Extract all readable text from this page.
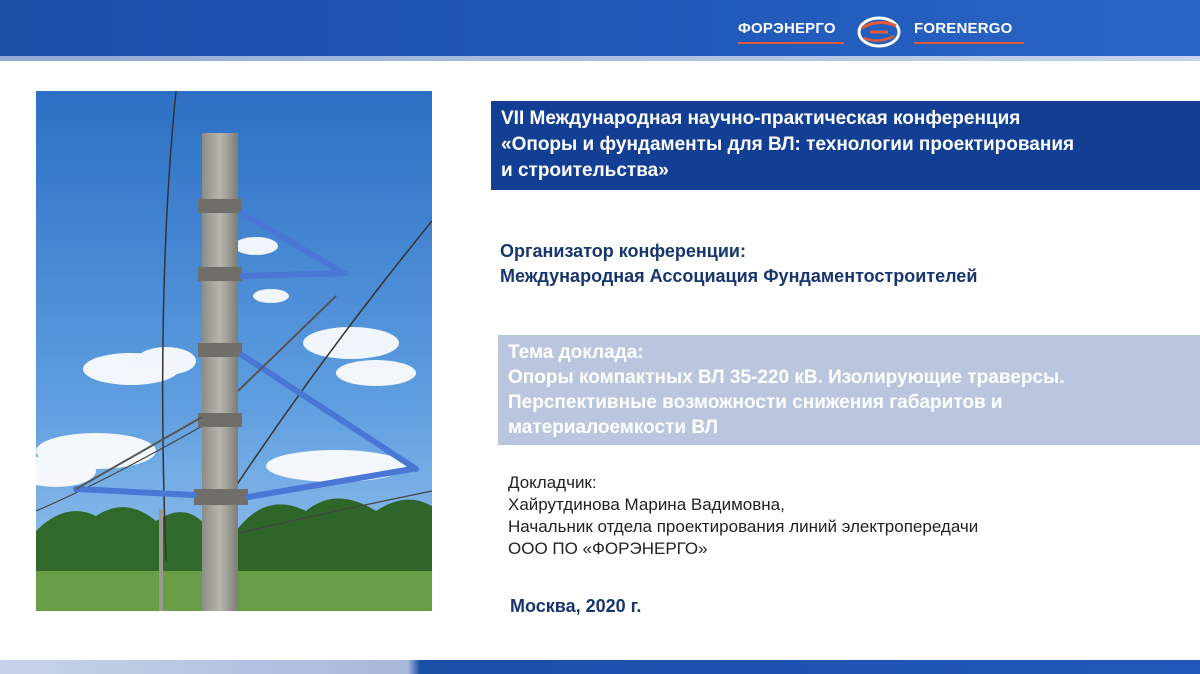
ФОРЭНЕРГО	FORENERGO
VII Международная научно-практическая конференция
«Опоры и фундаменты для ВЛ: технологии проектирования
и строительства»
Организатор конференции:
Международная Ассоциация Фундаментостроителей
Тема доклада:
Опоры компактных ВЛ 35-220 кВ. Изолирующие траверсы.
Перспективные возможности снижения габаритов и
материалоемкости ВЛ
Докладчик:
Хайрутдинова Марина Вадимовна,
Начальник отдела проектирования линий электропередачи
ООО ПО «ФОРЭНЕРГО»
Москва, 2020 г.
